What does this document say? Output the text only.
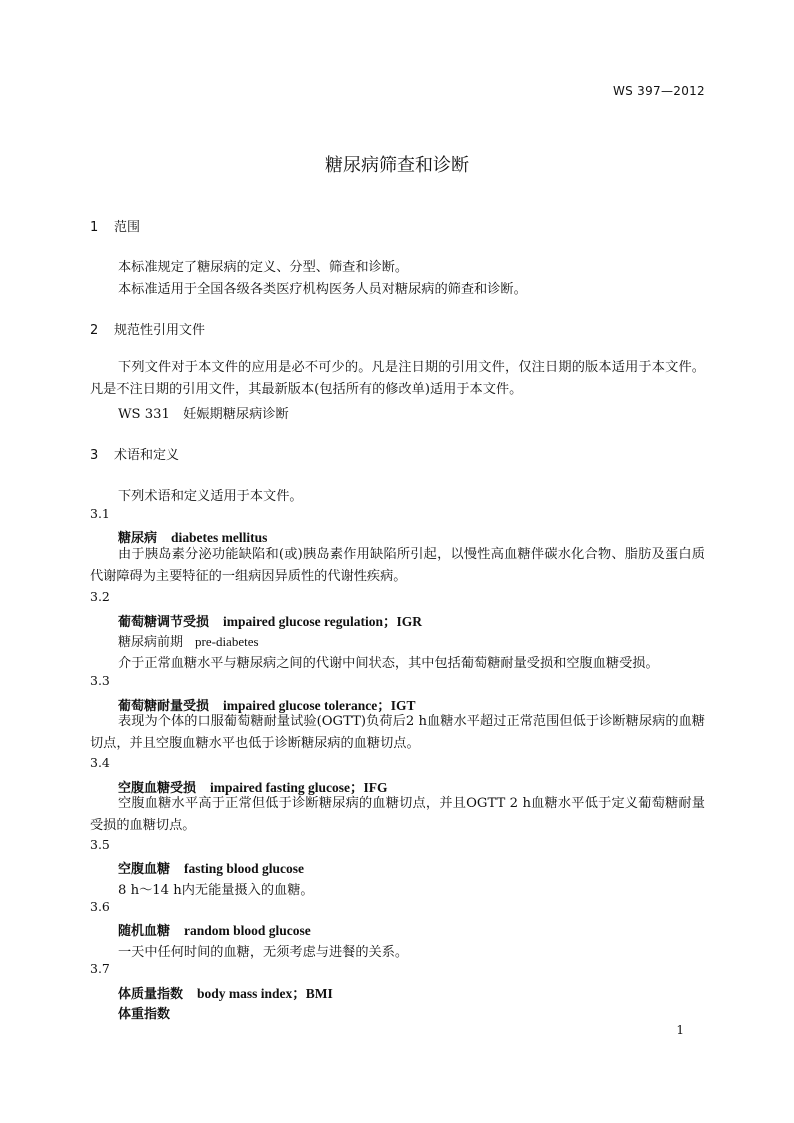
WS 397—2012
糖尿病筛查和诊断
1 范围
本标准规定了糖尿病的定义、分型、筛查和诊断。
本标准适用于全国各级各类医疗机构医务人员对糖尿病的筛查和诊断。
2 规范性引用文件
下列文件对于本文件的应用是必不可少的。凡是注日期的引用文件，仅注日期的版本适用于本文件。凡是不注日期的引用文件，其最新版本(包括所有的修改单)适用于本文件。
WS 331　妊娠期糖尿病诊断
3 术语和定义
下列术语和定义适用于本文件。
3.1
糖尿病 diabetes mellitus
由于胰岛素分泌功能缺陷和(或)胰岛素作用缺陷所引起，以慢性高血糖伴碳水化合物、脂肪及蛋白质代谢障碍为主要特征的一组病因异质性的代谢性疾病。
3.2
葡萄糖调节受损 impaired glucose regulation；IGR
糖尿病前期 pre-diabetes
介于正常血糖水平与糖尿病之间的代谢中间状态，其中包括葡萄糖耐量受损和空腹血糖受损。
3.3
葡萄糖耐量受损 impaired glucose tolerance；IGT
表现为个体的口服葡萄糖耐量试验(OGTT)负荷后2 h血糖水平超过正常范围但低于诊断糖尿病的血糖切点，并且空腹血糖水平也低于诊断糖尿病的血糖切点。
3.4
空腹血糖受损 impaired fasting glucose；IFG
空腹血糖水平高于正常但低于诊断糖尿病的血糖切点，并且OGTT 2 h血糖水平低于定义葡萄糖耐量受损的血糖切点。
3.5
空腹血糖 fasting blood glucose
8 h～14 h内无能量摄入的血糖。
3.6
随机血糖 random blood glucose
一天中任何时间的血糖，无须考虑与进餐的关系。
3.7
体质量指数 body mass index；BMI
体重指数
1
